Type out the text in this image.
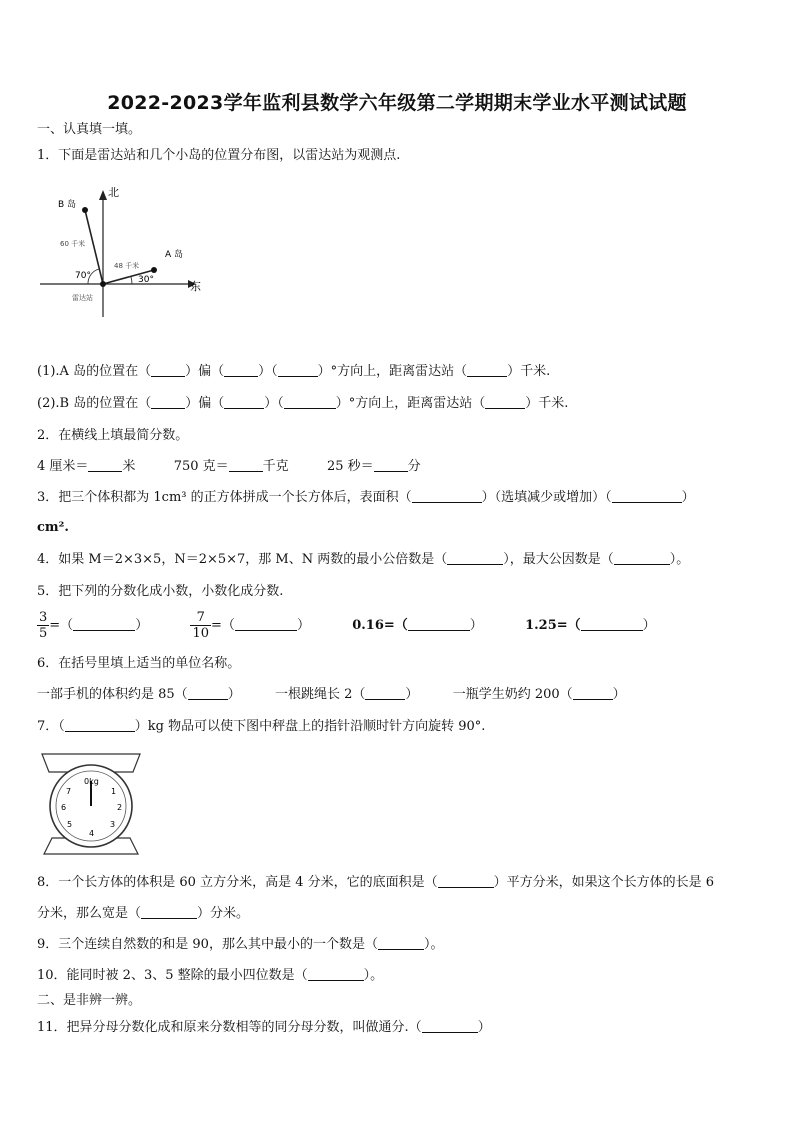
2022-2023学年监利县数学六年级第二学期期末学业水平测试试题
一、认真填一填。
1．下面是雷达站和几个小岛的位置分布图，以雷达站为观测点.
北
东
B 岛
A 岛
60 千米
48 千米
70°	30°
雷达站
(1).A 岛的位置在（	）偏（	）（	）°方向上，距离雷达站（	）千米.
(2).B 岛的位置在（	）偏（	）（	）°方向上，距离雷达站（	）千米.
2．在横线上填最简分数。
4 厘米＝	米	750 克＝	千克	25 秒＝	分
3．把三个体积都为 1cm³ 的正方体拼成一个长方体后，表面积（	）（选填减少或增加）（	）
cm².
4．如果 M＝2×3×5，N＝2×5×7，那 M、N 两数的最小公倍数是（	），最大公因数是（	）。
5．把下列的分数化成小数，小数化成分数.
$\frac{3}{5}$ =（	）	$\frac{7}{10}$ =（	）	0.16=（	）	1.25=（	）
6．在括号里填上适当的单位名称。
一部手机的体积约是 85（	）	一根跳绳长 2（	）	一瓶学生奶约 200（	）
7．（	）kg 物品可以使下图中秤盘上的指针沿顺时针方向旋转 90°.
0kg
1
2
3
4
5
6
7
8．一个长方体的体积是 60 立方分米，高是 4 分米，它的底面积是（	）平方分米，如果这个长方体的长是 6
分米，那么宽是（	）分米。
9．三个连续自然数的和是 90，那么其中最小的一个数是（	）。
10．能同时被 2、3、5 整除的最小四位数是（	）。
二、是非辨一辨。
11．把异分母分数化成和原来分数相等的同分母分数，叫做通分.（	）
